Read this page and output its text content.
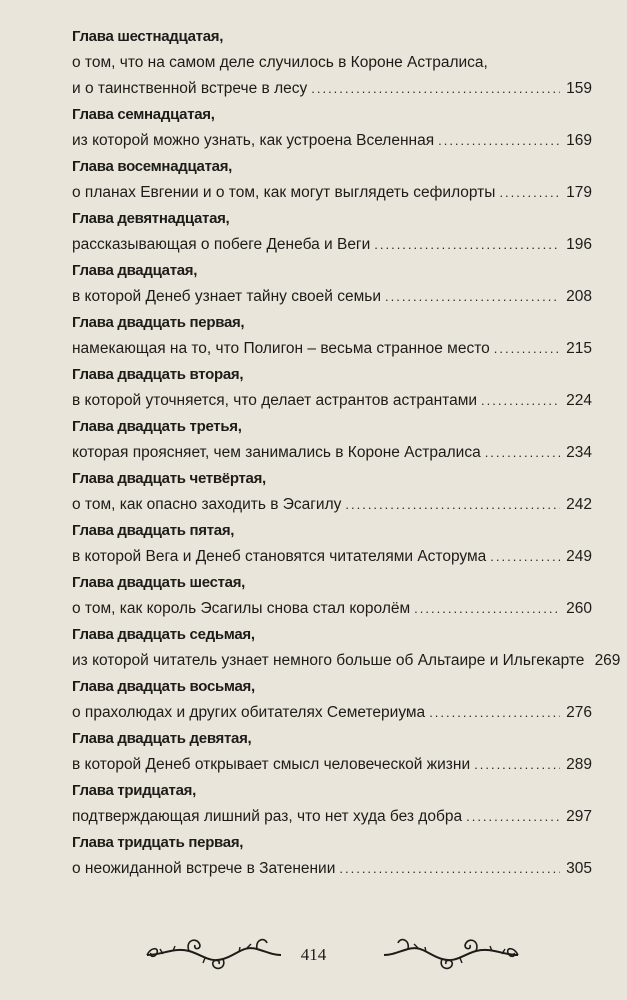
Глава шестнадцатая,
о том, что на самом деле случилось в Короне Астралиса,
и о таинственной встрече в лесу .....	159
Глава семнадцатая,
из которой можно узнать, как устроена Вселенная .....	169
Глава восемнадцатая,
о планах Евгении и о том, как могут выглядеть сефилорты .....	179
Глава девятнадцатая,
рассказывающая о побеге Денеба и Веги .....	196
Глава двадцатая,
в которой Денеб узнает тайну своей семьи .....	208
Глава двадцать первая,
намекающая на то, что Полигон – весьма странное место .....	215
Глава двадцать вторая,
в которой уточняется, что делает астрантов астрантами .....	224
Глава двадцать третья,
которая проясняет, чем занимались в Короне Астралиса .....	234
Глава двадцать четвёртая,
о том, как опасно заходить в Эсагилу .....	242
Глава двадцать пятая,
в которой Вега и Денеб становятся читателями Асторума .....	249
Глава двадцать шестая,
о том, как король Эсагилы снова стал королём .....	260
Глава двадцать седьмая,
из которой читатель узнает немного больше об Альтаире и Ильгекарте 269
Глава двадцать восьмая,
о прахолюдах и других обитателях Семетериума .....	276
Глава двадцать девятая,
в которой Денеб открывает смысл человеческой жизни .....	289
Глава тридцатая,
подтверждающая лишний раз, что нет худа без добра .....	297
Глава тридцать первая,
о неожиданной встрече в Затенении .....	305
414
